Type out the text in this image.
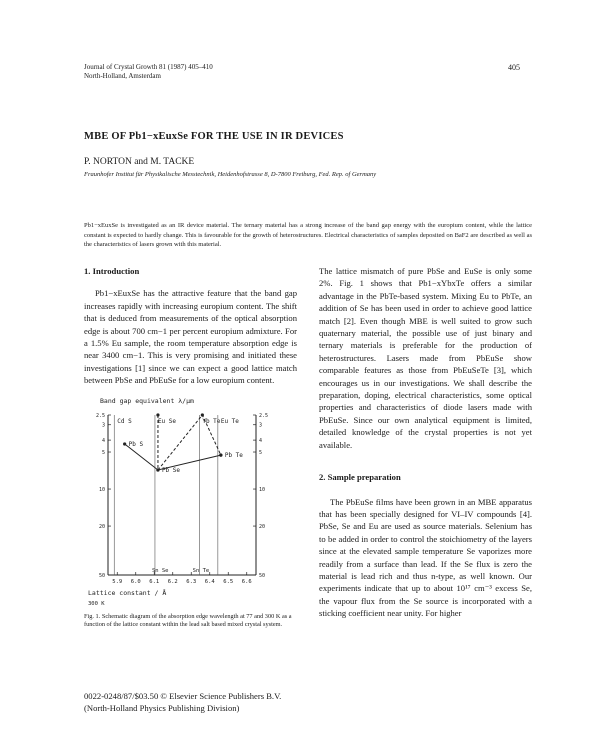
Journal of Crystal Growth 81 (1987) 405–410
North-Holland, Amsterdam
405
MBE OF Pb1−xEuxSe FOR THE USE IN IR DEVICES
P. NORTON and M. TACKE
Fraunhofer Institut für Physikalische Messtechnik, Heidenhofstrasse 8, D-7800 Freiburg, Fed. Rep. of Germany
Pb1−xEuxSe is investigated as an IR device material. The ternary material has a strong increase of the band gap energy with the europium content, while the lattice constant is expected to hardly change. This is favourable for the growth of heterostructures. Electrical characteristics of samples deposited on BaF2 are described as well as the characteristics of lasers grown with this material.

1. Introduction

Pb1−xEuxSe has the attractive feature that the band gap increases rapidly with increasing europium content. The shift that is deduced from measurements of the optical absorption edge is about 700 cm−1 per percent europium admixture. For a 1.5% Eu sample, the room temperature absorption edge is near 3400 cm−1. This is very promising and initiated these investigations [1] since we can expect a good lattice match between PbSe and PbEuSe for a low europium content.

Band gap equivalent λ/μm
Cd S	Eu Se	Yb Te Eu Te
Sn Se	Sn Te
Pb S
Pb Se
Pb Te
2.5
3
4
5
10
20
50
2.5
3
4
5
10
20
50
5.9 6.0 6.1 6.2 6.3 6.4 6.5 6.6
Lattice constant / Å
300 K
Fig. 1. Schematic diagram of the absorption edge wavelength at 77 and 300 K as a function of the lattice constant within the lead salt based mixed crystal system.

The lattice mismatch of pure PbSe and EuSe is only some 2%. Fig. 1 shows that Pb1−xYbxTe offers a similar advantage in the PbTe-based system. Mixing Eu to PbTe, an addition of Se has been used in order to achieve good lattice match [2]. Even though MBE is well suited to grow such quaternary material, the possible use of just binary and ternary materials is preferable for the production of heterostructures. Lasers made from PbEuSe show comparable features as those from PbEuSeTe [3], which encourages us in our investigations. We shall describe the preparation, doping, electrical characteristics, some optical properties and characteristics of diode lasers made with PbEuSe. Since our own analytical equipment is limited, detailed knowledge of the crystal properties is not yet available.

2. Sample preparation

The PbEuSe films have been grown in an MBE apparatus that has been specially designed for VI–IV compounds [4]. PbSe, Se and Eu are used as source materials. Selenium has to be added in order to control the stoichiometry of the layers since at the elevated sample temperature Se vaporizes more readily from a surface than lead. If the Se flux is zero the material is lead rich and thus n-type, as well known. Our experiments indicate that up to about 10¹⁷ cm⁻³ excess Se, the vapour flux from the Se source is incorporated with a sticking coefficient near unity. For higher

0022-0248/87/$03.50 © Elsevier Science Publishers B.V.
(North-Holland Physics Publishing Division)
